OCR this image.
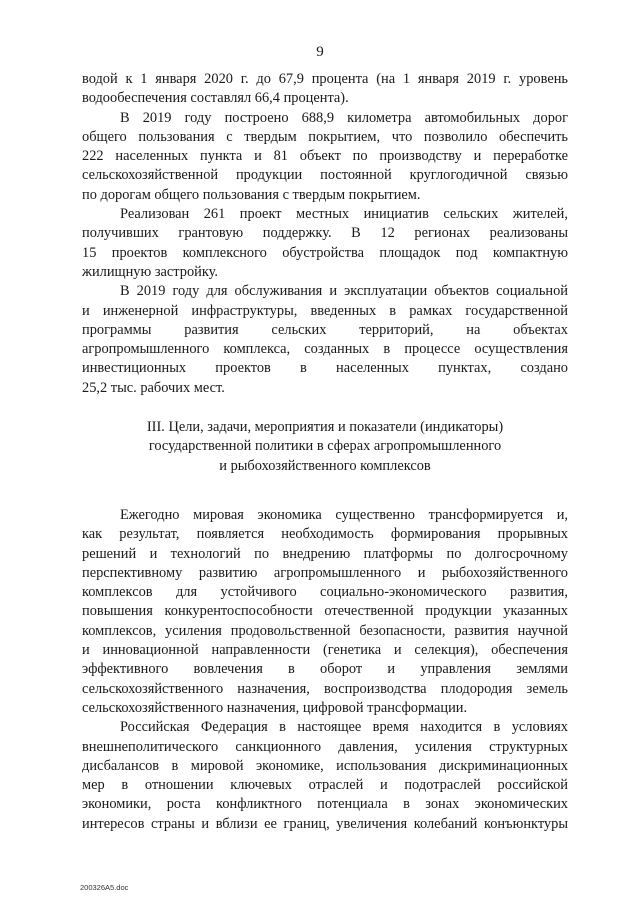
9
водой к 1 января 2020 г. до 67,9 процента (на 1 января 2019 г. уровень
водообеспечения составлял 66,4 процента).
В 2019 году построено 688,9 километра автомобильных дорог
общего пользования с твердым покрытием, что позволило обеспечить
222 населенных пункта и 81 объект по производству и переработке
сельскохозяйственной продукции постоянной круглогодичной связью
по дорогам общего пользования с твердым покрытием.
Реализован 261 проект местных инициатив сельских жителей,
получивших грантовую поддержку. В 12 регионах реализованы
15 проектов комплексного обустройства площадок под компактную
жилищную застройку.
В 2019 году для обслуживания и эксплуатации объектов социальной
и инженерной инфраструктуры, введенных в рамках государственной
программы развития сельских территорий, на объектах
агропромышленного комплекса, созданных в процессе осуществления
инвестиционных проектов в населенных пунктах, создано
25,2 тыс. рабочих мест.
III. Цели, задачи, мероприятия и показатели (индикаторы)
государственной политики в сферах агропромышленного
и рыбохозяйственного комплексов
Ежегодно мировая экономика существенно трансформируется и,
как результат, появляется необходимость формирования прорывных
решений и технологий по внедрению платформы по долгосрочному
перспективному развитию агропромышленного и рыбохозяйственного
комплексов для устойчивого социально-экономического развития,
повышения конкурентоспособности отечественной продукции указанных
комплексов, усиления продовольственной безопасности, развития научной
и инновационной направленности (генетика и селекция), обеспечения
эффективного вовлечения в оборот и управления землями
сельскохозяйственного назначения, воспроизводства плодородия земель
сельскохозяйственного назначения, цифровой трансформации.
Российская Федерация в настоящее время находится в условиях
внешнеполитического санкционного давления, усиления структурных
дисбалансов в мировой экономике, использования дискриминационных
мер в отношении ключевых отраслей и подотраслей российской
экономики, роста конфликтного потенциала в зонах экономических
интересов страны и вблизи ее границ, увеличения колебаний конъюнктуры
200326A5.doc
